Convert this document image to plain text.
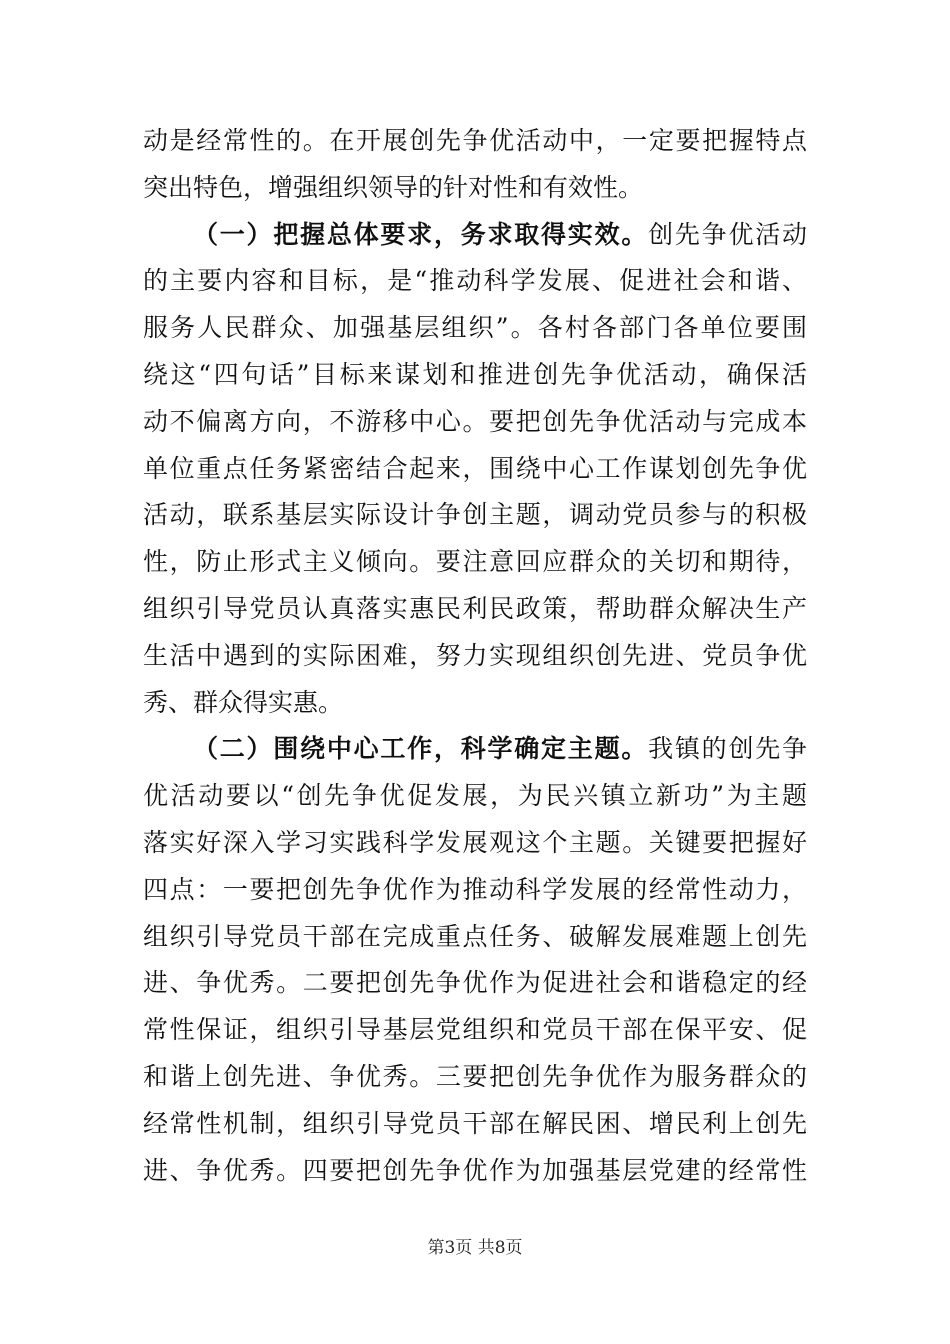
动是经常性的。在开展创先争优活动中，一定要把握特点
突出特色，增强组织领导的针对性和有效性。
（一）把握总体要求，务求取得实效。创先争优活动
的主要内容和目标，是“推动科学发展、促进社会和谐、
服务人民群众、加强基层组织”。各村各部门各单位要围
绕这“四句话”目标来谋划和推进创先争优活动，确保活
动不偏离方向，不游移中心。要把创先争优活动与完成本
单位重点任务紧密结合起来，围绕中心工作谋划创先争优
活动，联系基层实际设计争创主题，调动党员参与的积极
性，防止形式主义倾向。要注意回应群众的关切和期待，
组织引导党员认真落实惠民利民政策，帮助群众解决生产
生活中遇到的实际困难，努力实现组织创先进、党员争优
秀、群众得实惠。
（二）围绕中心工作，科学确定主题。我镇的创先争
优活动要以“创先争优促发展，为民兴镇立新功”为主题
落实好深入学习实践科学发展观这个主题。关键要把握好
四点：一要把创先争优作为推动科学发展的经常性动力，
组织引导党员干部在完成重点任务、破解发展难题上创先
进、争优秀。二要把创先争优作为促进社会和谐稳定的经
常性保证，组织引导基层党组织和党员干部在保平安、促
和谐上创先进、争优秀。三要把创先争优作为服务群众的
经常性机制，组织引导党员干部在解民困、增民利上创先
进、争优秀。四要把创先争优作为加强基层党建的经常性
第3页 共8页
